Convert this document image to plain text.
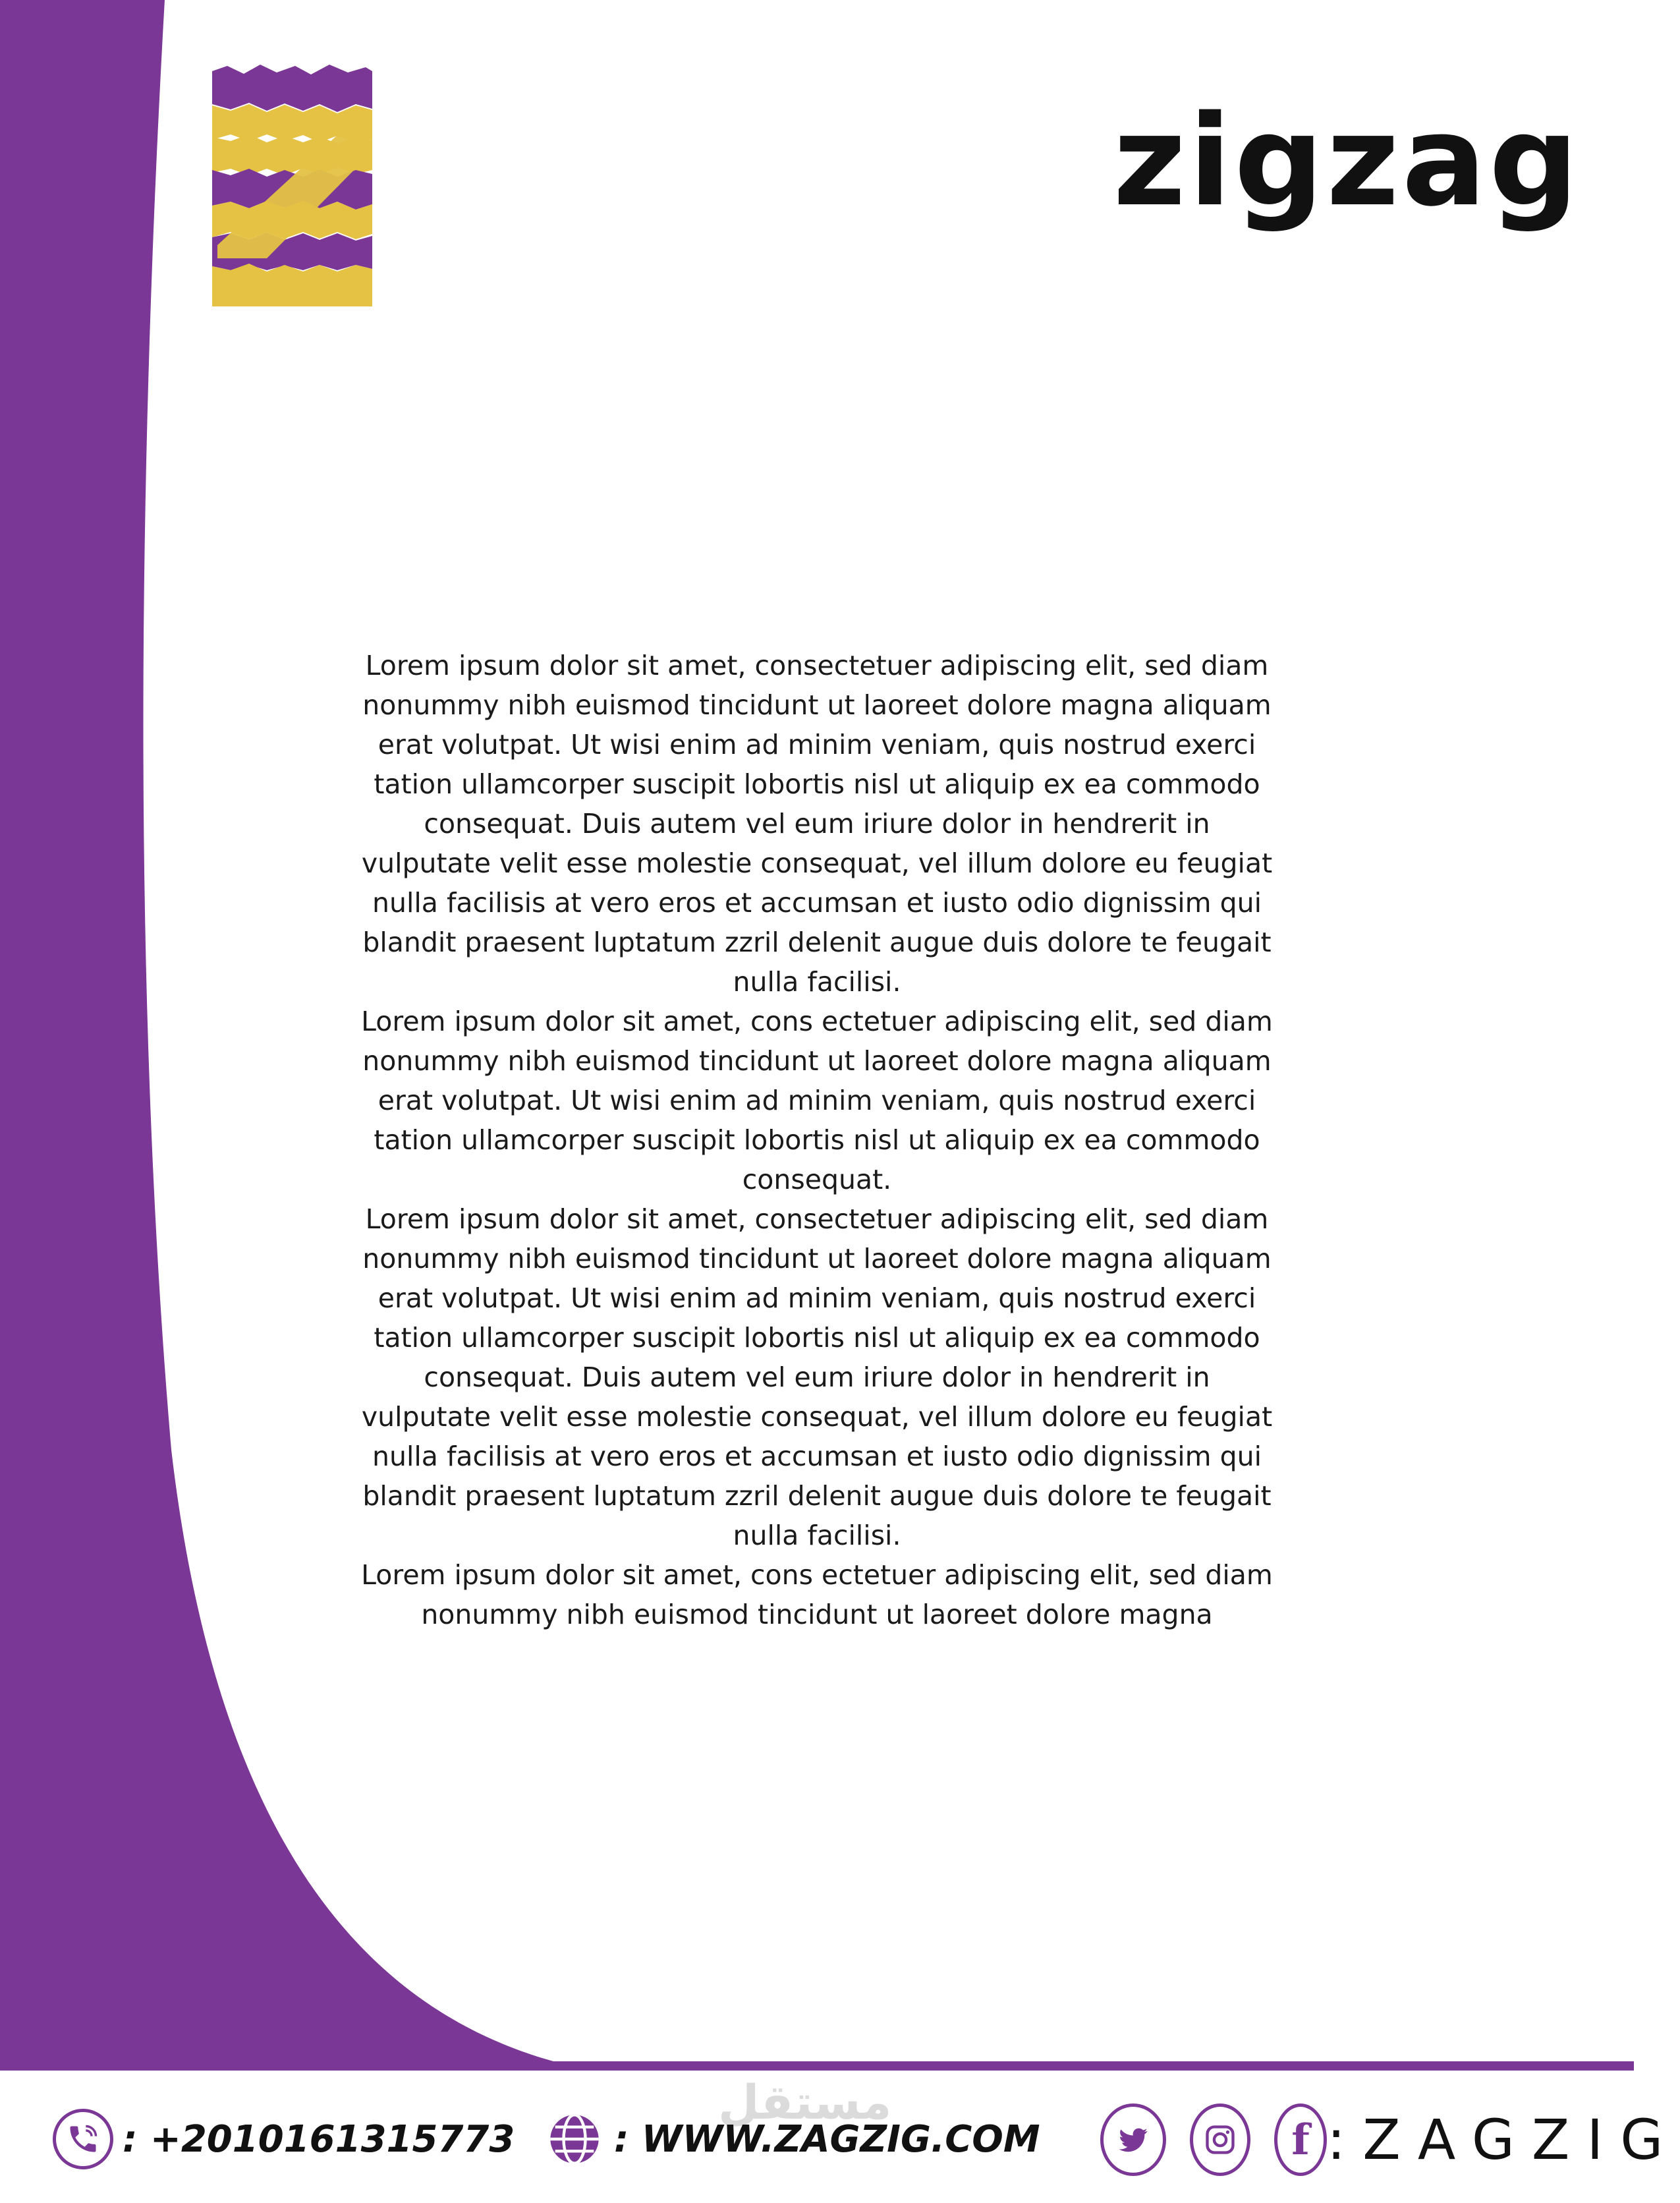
zigzag

Lorem ipsum dolor sit amet, consectetuer adipiscing elit, sed diam nonummy nibh euismod tincidunt ut laoreet dolore magna aliquam erat volutpat. Ut wisi enim ad minim veniam, quis nostrud exerci tation ullamcorper suscipit lobortis nisl ut aliquip ex ea commodo consequat. Duis autem vel eum iriure dolor in hendrerit in vulputate velit esse molestie consequat, vel illum dolore eu feugiat nulla facilisis at vero eros et accumsan et iusto odio dignissim qui blandit praesent luptatum zzril delenit augue duis dolore te feugait nulla facilisi.

Lorem ipsum dolor sit amet, cons ectetuer adipiscing elit, sed diam nonummy nibh euismod tincidunt ut laoreet dolore magna aliquam erat volutpat. Ut wisi enim ad minim veniam, quis nostrud exerci tation ullamcorper suscipit lobortis nisl ut aliquip ex ea commodo consequat.

Lorem ipsum dolor sit amet, consectetuer adipiscing elit, sed diam nonummy nibh euismod tincidunt ut laoreet dolore magna aliquam erat volutpat. Ut wisi enim ad minim veniam, quis nostrud exerci tation ullamcorper suscipit lobortis nisl ut aliquip ex ea commodo consequat. Duis autem vel eum iriure dolor in hendrerit in vulputate velit esse molestie consequat, vel illum dolore eu feugiat nulla facilisis at vero eros et accumsan et iusto odio dignissim qui blandit praesent luptatum zzril delenit augue duis dolore te feugait nulla facilisi.

Lorem ipsum dolor sit amet, cons ectetuer adipiscing elit, sed diam nonummy nibh euismod tincidunt ut laoreet dolore magna

مستقل
: +2010161315773	: WWW.ZAGZIG.COM	f :ZAGZIG
